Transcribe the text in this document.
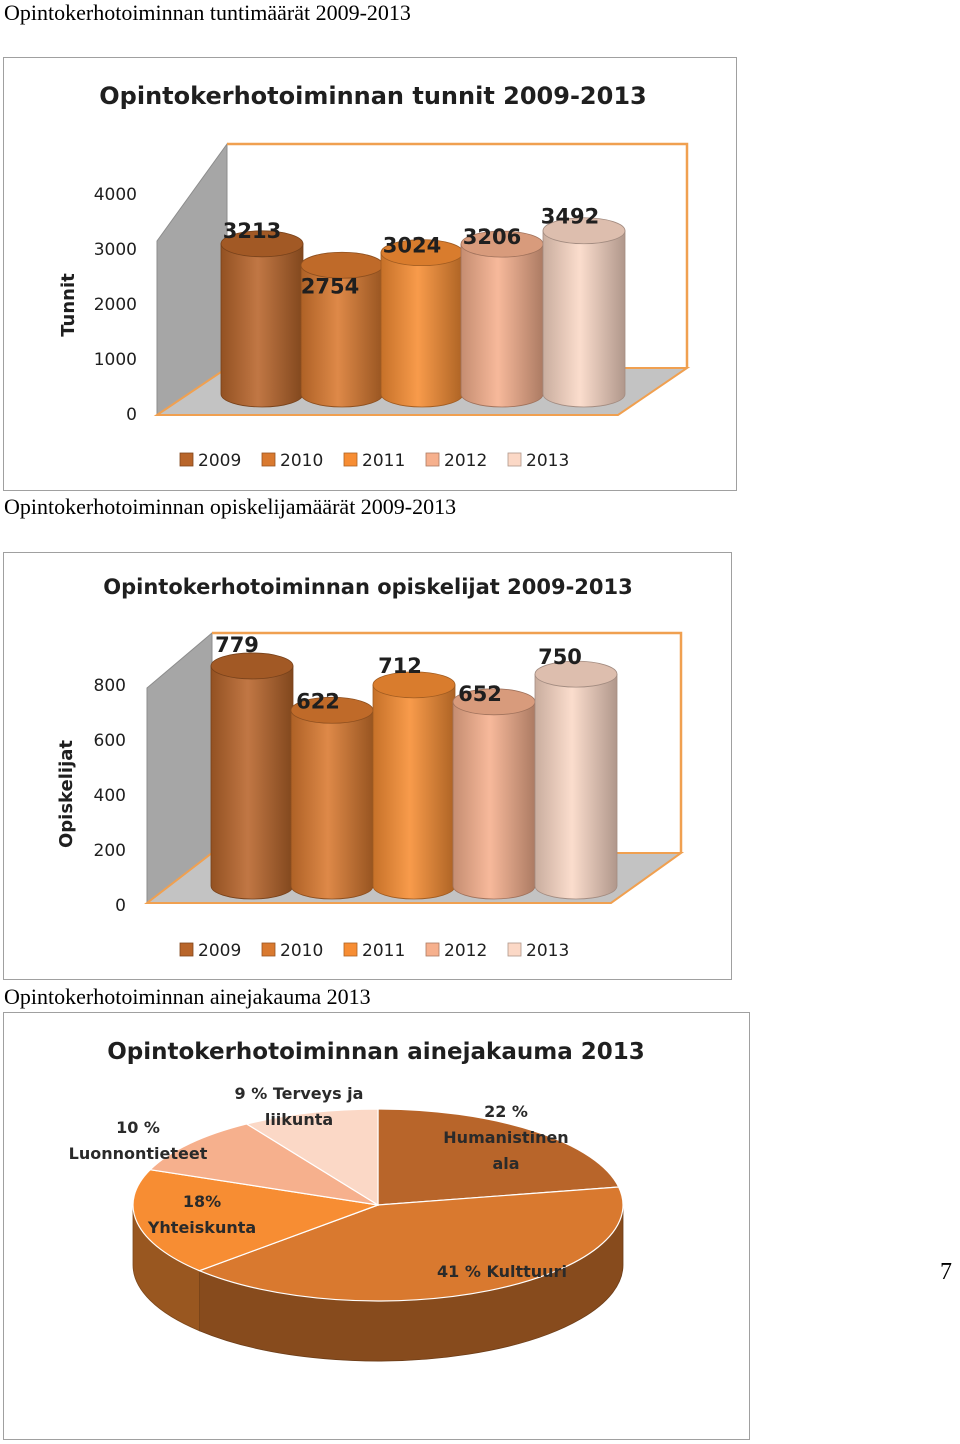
Opintokerhotoiminnan tuntimäärät 2009-2013
Opintokerhotoiminnan tunnit 2009-2013
0
1000
2000
3000
4000
Tunnit
3213
2754
3024 3206
3492
2009 2010 2011 2012 2013
Opintokerhotoiminnan opiskelijamäärät 2009-2013
Opintokerhotoiminnan opiskelijat 2009-2013
0
200
400
600
800
Opiskelijat
779
622
712
652
750
2009 2010 2011 2012 2013
Opintokerhotoiminnan ainejakauma 2013
Opintokerhotoiminnan ainejakauma 2013
22 % Humanistinen ala
41 % Kulttuuri
18% Yhteiskunta
10 % Luonnontieteet
9 % Terveys ja liikunta
7
